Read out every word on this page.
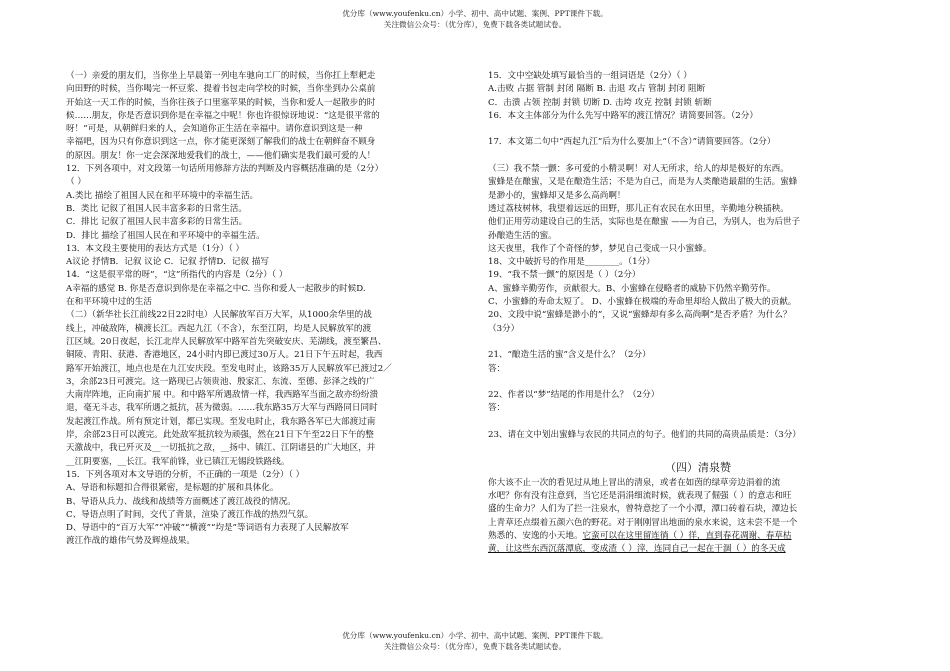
优分库（www.youfenku.cn）小学、初中、高中试题、案例、PPT课件下载。
关注微信公众号：（优分库），免费下载各类试题试卷。

（一）亲爱的朋友们，当你坐上早晨第一列电车驰向工厂的时候，当你扛上犁耙走

向田野的时候，当你喝完一杯豆浆、提着书包走向学校的时候，当你坐到办公桌前

开始这一天工作的时候，当你往孩子口里塞苹果的时候，当你和爱人一起散步的时

候……朋友，你是否意识到你是在幸福之中呢！你也许很惊讶地说：“这是很平常的

呀！”可是，从朝鲜归来的人，会知道你正生活在幸福中。请你意识到这是一种

幸福吧，因为只有你意识到这一点，你才能更深刻了解我们的战士在朝鲜奋不顾身

的原因。朋友！你一定会深深地爱我们的战士，——他们确实是我们最可爱的人！

12．下列各项中，对文段第一句话所用修辞方法的判断及内容概括准确的是（2分）

（ ）

A.类比 描绘了祖国人民在和平环境中的幸福生活。

B．类比 记叙了祖国人民丰富多彩的日常生活。

C．排比 记叙了祖国人民丰富多彩的日常生活。

D．排比 描绘了祖国人民在和平环境中的幸福生活。

13．本文段主要使用的表达方式是（1分）（ ）

A议论 抒情B．记叙 议论 C．记叙 抒情D．记叙 描写

14．“这是很平常的呀”，“这”所指代的内容是（2分）（ ）

A幸福的感觉 B. 你是否意识到你是在幸福之中C. 当你和爱人一起散步的时候D.

在和平环境中过的生活

（二）（新华社长江前线22日22时电）人民解放军百万大军，从1000余华里的战

线上，冲破敌阵，横渡长江。西起九江（不含），东至江阴，均是人民解放军的渡

江区域。20日夜起，长江北岸人民解放军中路军首先突破安庆、芜湖线，渡至繁昌、

铜陵、青阳、获港、香港地区，24小时内即已渡过30万人。21日下午五时起，我西

路军开始渡江，地点也是在九江安庆段。至发电时止，该路35万人民解放军已渡过2／

3，余部23日可渡完。这一路现已占领贵池、殷家汇、东流、至德、彭泽之线的广

大南岸阵地，正向南扩展 中。和中路军所遇敌情一样，我西路军当面之敌亦纷纷溃

退，毫无斗志，我军所遇之抵抗，甚为微弱。……我东路35万大军与西路同日同时

发起渡江作战。所有预定计划，都已实现。至发电时止，我东路各军已大部渡过南

岸，余部23日可以渡完。此处敌军抵抗较为顽强，然在21日下午至22日下午的整

天激战中，我已歼灭及__一切抵抗之敌，__扬中、镇江、江阴诸县的广大地区，并

__江阴要塞，__长江。我军前锋，业已镇江无锡段铁路线。

15．下列各项对本文导语的分析，不正确的一项是（2分）（ ）

A、导语和标题扣合得很紧密，是标题的扩展和具体化。

B、导语从兵力、战线和战绩等方面概述了渡江战役的情况。

C、导语点明了时间，交代了背景，渲染了渡江作战的热烈气氛。

D、导语中的“百万大军”“冲破”“横渡”“均是”等词语有力表现了人民解放军

渡江作战的雄伟气势及辉煌战果。

15．文中空缺处填写最恰当的一组词语是（2分）（ ）

A.击败 占据 管制 封闭 隔断 B. 击退 攻占 管制 封闭 阻断

C．击溃 占领 控制 封锁 切断 D. 击垮 攻克 控制 封锁 斩断

16．本文主体部分为什么先写中路军的渡江情况？请简要回答。（2分）

17．本文第二句中“西起九江”后为什么要加上“（不含）”请简要回答。（2分）

（三）我不禁一颤：多可爱的小精灵啊！对人无所求，给人的却是极好的东西。

蜜蜂是在酿蜜，又是在酿造生活；不是为自己，而是为人类酿造最甜的生活。蜜蜂

是渺小的，蜜蜂却又是多么高尚啊！

透过荔枝树林，我望着远远的田野，那儿正有农民在水田里，辛勤地分秧插秧。

他们正用劳动建设自己的生活，实际也是在酿蜜 ——为自己，为别人，也为后世子

孙酿造生活的蜜。

这天夜里，我作了个奇怪的梦，梦见自己变成一只小蜜蜂。

18、文中破折号的作用是________。（1分）

19、“我不禁一颤”的原因是（ ）（2分）

A、蜜蜂辛勤劳作，贡献很大。B、小蜜蜂在侵略者的威胁下仍然辛勤劳作。

C、小蜜蜂的寿命太短了。 D、小蜜蜂在极端的寿命里却给人做出了极大的贡献。

20、文段中说“蜜蜂是渺小的”，又说“蜜蜂却有多么高尚啊”是否矛盾？为什么？

（3分）

21、“酿造生活的蜜”含义是什么？（2分）

答：

22、作者以“梦”结尾的作用是什么？（2分）

答：

23、请在文中划出蜜蜂与农民的共同点的句子。他们的共同的高贵品质是：（3分）

（四）清泉赞

你大该不止一次的看见过从地上冒出的清泉，或者在如茵的绿草旁边涓着的流

水吧？你有没有注意到，当它还是涓涓细流时候，就表现了倔强（ ）的意志和旺

盛的生命力？人们为了拦一注泉水，曾特意挖了一个小潭，潭口砖着石块，潭边长

上青草还点缀着五颜六色的野花。对于刚刚冒出地面的泉水来说，这未尝不是一个

熟悉的、安逸的小天地。它蛮可以在这里留连徜（ ）徉，直到春花凋谢、春草枯

黄，让这些东西沉落潭底，变成渣（ ）滓，连同自己一起在干涸（ ）的冬天成

优分库（www.youfenku.cn）小学、初中、高中试题、案例、PPT课件下载。
关注微信公众号：（优分库），免费下载各类试题试卷。
